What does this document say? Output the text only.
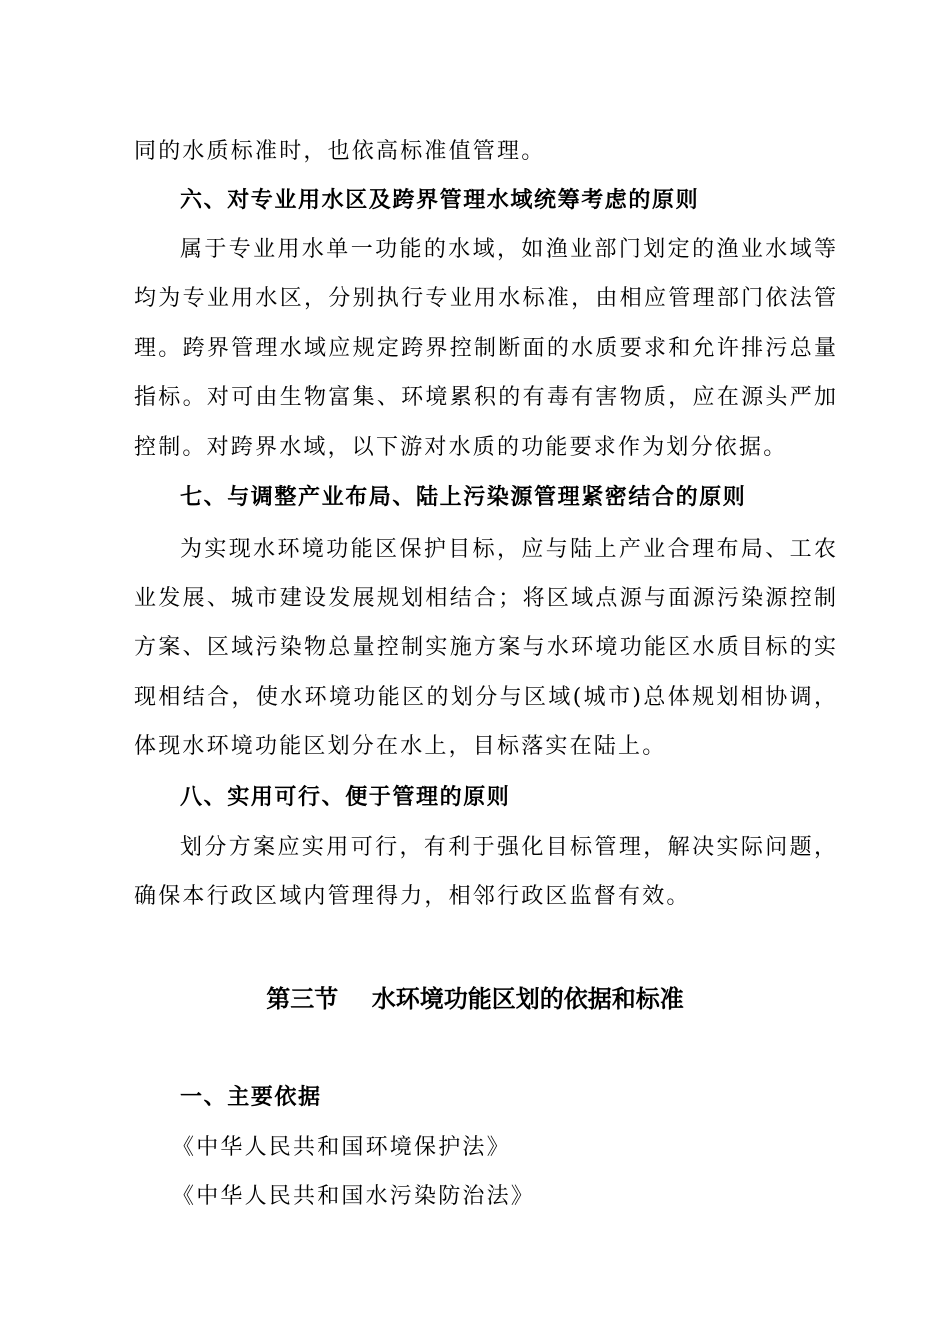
同的水质标准时，也依高标准值管理。
六、对专业用水区及跨界管理水域统筹考虑的原则
属于专业用水单一功能的水域，如渔业部门划定的渔业水域等
均为专业用水区，分别执行专业用水标准，由相应管理部门依法管
理。跨界管理水域应规定跨界控制断面的水质要求和允许排污总量
指标。对可由生物富集、环境累积的有毒有害物质，应在源头严加
控制。对跨界水域，以下游对水质的功能要求作为划分依据。
七、与调整产业布局、陆上污染源管理紧密结合的原则
为实现水环境功能区保护目标，应与陆上产业合理布局、工农
业发展、城市建设发展规划相结合；将区域点源与面源污染源控制
方案、区域污染物总量控制实施方案与水环境功能区水质目标的实
现相结合，使水环境功能区的划分与区域(城市)总体规划相协调，
体现水环境功能区划分在水上，目标落实在陆上。
八、实用可行、便于管理的原则
划分方案应实用可行，有利于强化目标管理，解决实际问题，
确保本行政区域内管理得力，相邻行政区监督有效。
第三节    水环境功能区划的依据和标准
一、主要依据
《中华人民共和国环境保护法》
《中华人民共和国水污染防治法》
